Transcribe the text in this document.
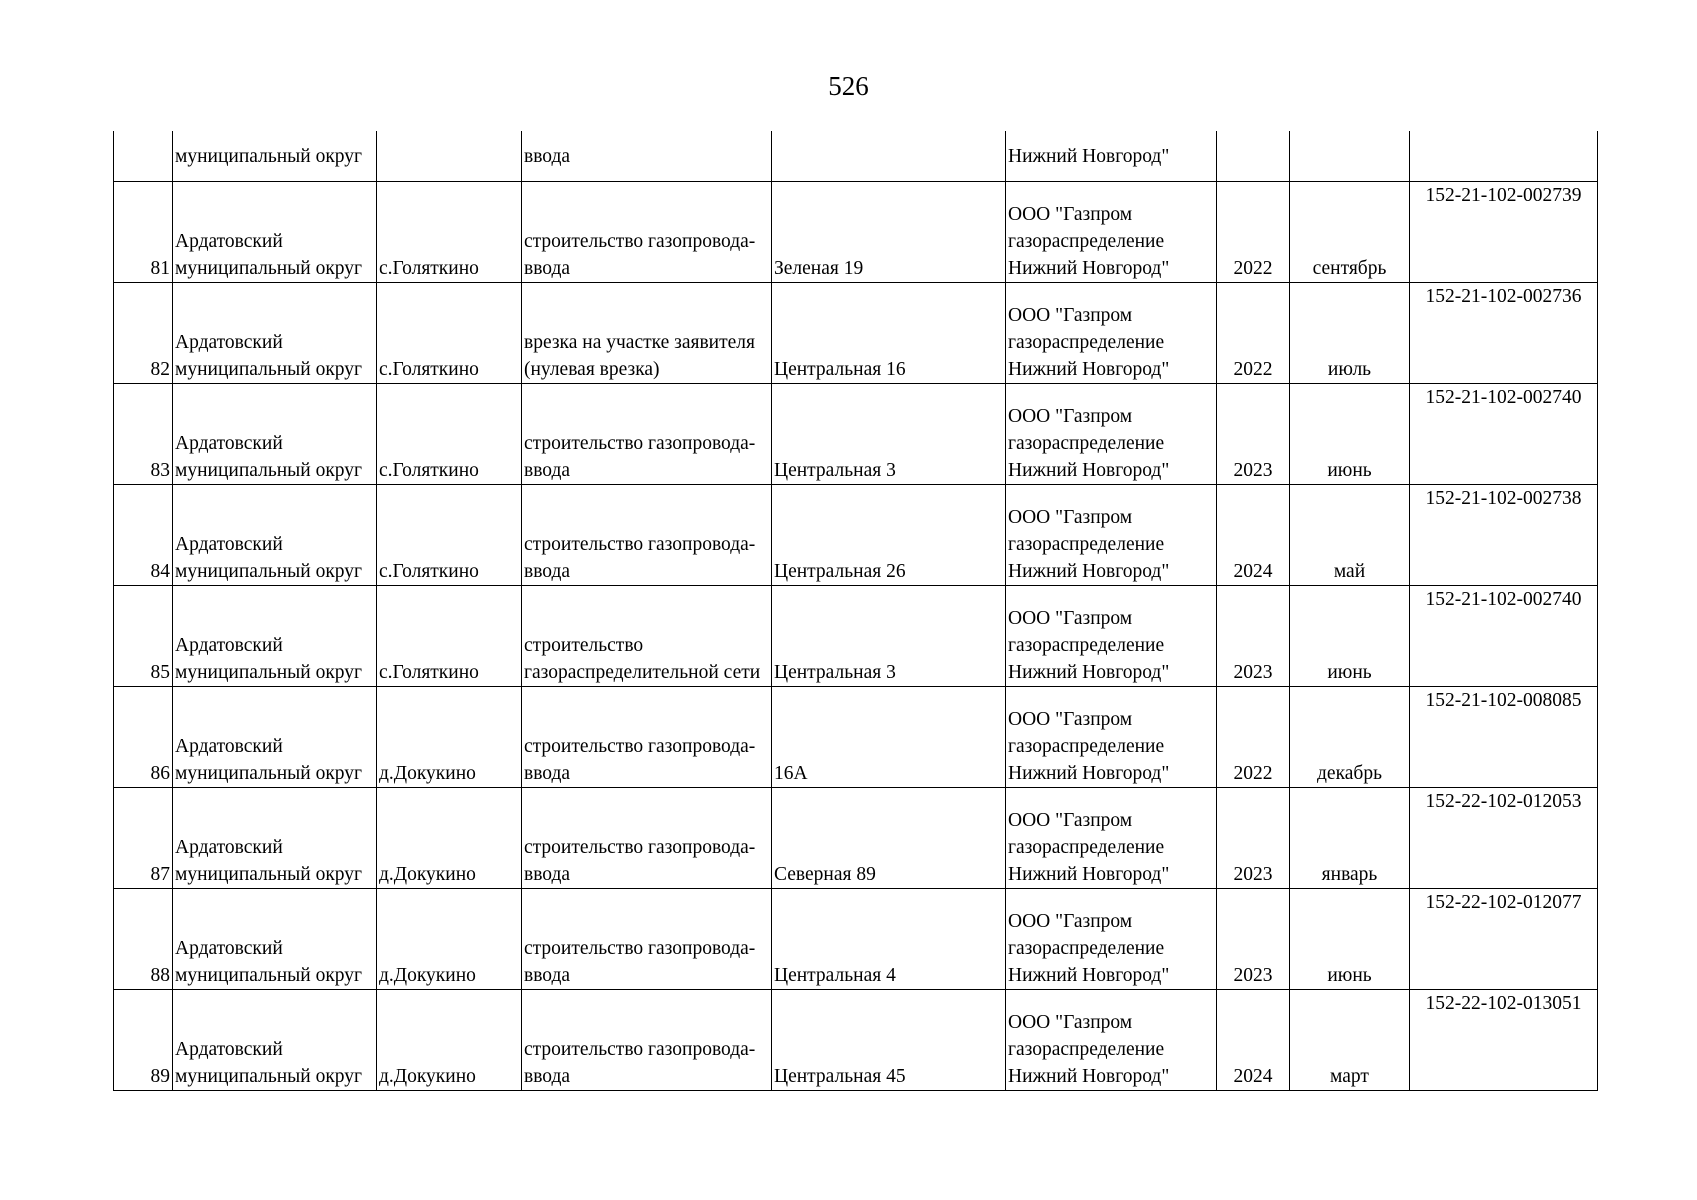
526

	муниципальный округ		ввода		Нижний Новгород"			

81	Ардатовский
муниципальный округ	с.Голяткино	строительство газопровода-
ввода	Зеленая 19	ООО "Газпром
газораспределение
Нижний Новгород"	2022	сентябрь	152-21-102-002739
82	Ардатовский
муниципальный округ	с.Голяткино	врезка на участке заявителя
(нулевая врезка)	Центральная 16	ООО "Газпром
газораспределение
Нижний Новгород"	2022	июль	152-21-102-002736
83	Ардатовский
муниципальный округ	с.Голяткино	строительство газопровода-
ввода	Центральная 3	ООО "Газпром
газораспределение
Нижний Новгород"	2023	июнь	152-21-102-002740
84	Ардатовский
муниципальный округ	с.Голяткино	строительство газопровода-
ввода	Центральная 26	ООО "Газпром
газораспределение
Нижний Новгород"	2024	май	152-21-102-002738
85	Ардатовский
муниципальный округ	с.Голяткино	строительство
газораспределительной сети	Центральная 3	ООО "Газпром
газораспределение
Нижний Новгород"	2023	июнь	152-21-102-002740
86	Ардатовский
муниципальный округ	д.Докукино	строительство газопровода-
ввода	16А	ООО "Газпром
газораспределение
Нижний Новгород"	2022	декабрь	152-21-102-008085
87	Ардатовский
муниципальный округ	д.Докукино	строительство газопровода-
ввода	Северная 89	ООО "Газпром
газораспределение
Нижний Новгород"	2023	январь	152-22-102-012053
88	Ардатовский
муниципальный округ	д.Докукино	строительство газопровода-
ввода	Центральная 4	ООО "Газпром
газораспределение
Нижний Новгород"	2023	июнь	152-22-102-012077
89	Ардатовский
муниципальный округ	д.Докукино	строительство газопровода-
ввода	Центральная 45	ООО "Газпром
газораспределение
Нижний Новгород"	2024	март	152-22-102-013051
